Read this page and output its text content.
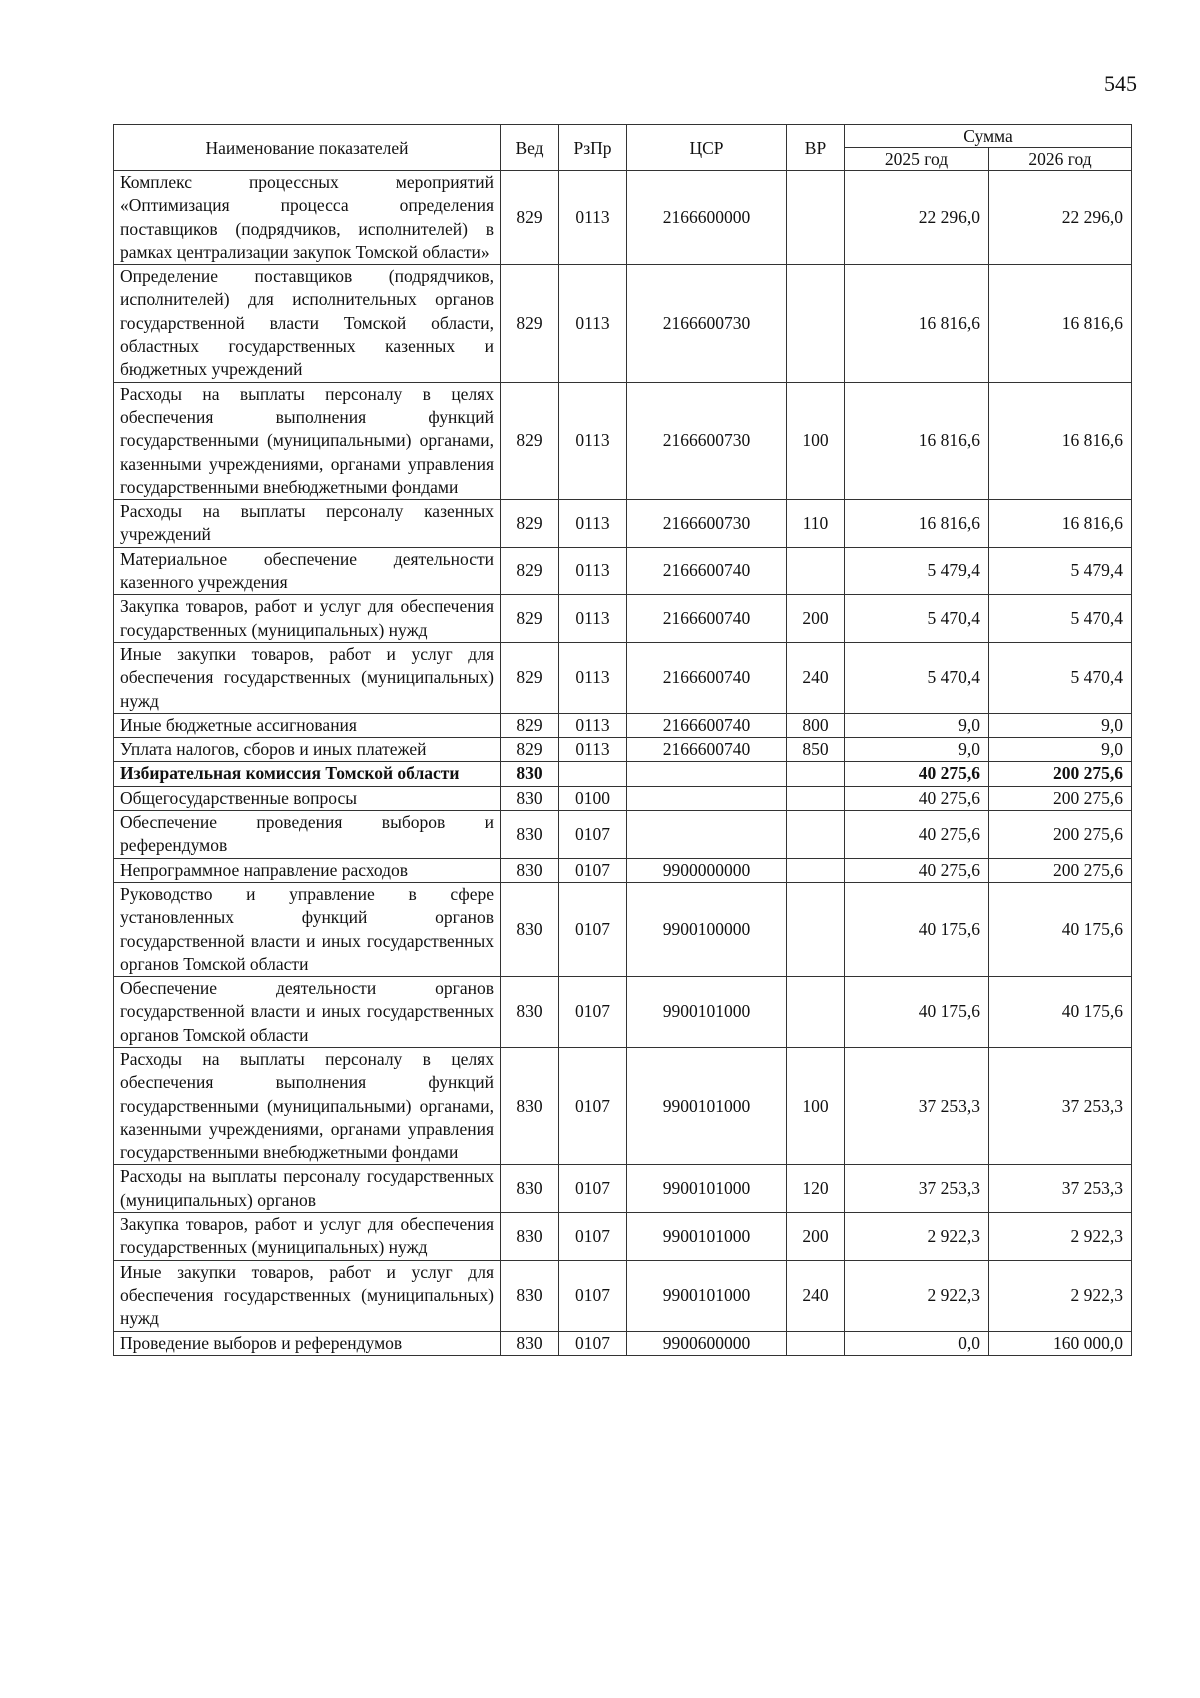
545
Наименование показателей	Вед	РзПр	ЦСР	ВР	Сумма	
					2025 год	2026 год
Комплекс процессных мероприятий «Оптимизация процесса определения поставщиков (подрядчиков, исполнителей) в рамках централизации закупок Томской области»	829	0113	2166600000		22 296,0	22 296,0
Определение поставщиков (подрядчиков, исполнителей) для исполнительных органов государственной власти Томской области, областных государственных казенных и бюджетных учреждений	829	0113	2166600730		16 816,6	16 816,6
Расходы на выплаты персоналу в целях обеспечения выполнения функций государственными (муниципальными) органами, казенными учреждениями, органами управления государственными внебюджетными фондами	829	0113	2166600730	100	16 816,6	16 816,6
Расходы на выплаты персоналу казенных учреждений	829	0113	2166600730	110	16 816,6	16 816,6
Материальное обеспечение деятельности казенного учреждения	829	0113	2166600740		5 479,4	5 479,4
Закупка товаров, работ и услуг для обеспечения государственных (муниципальных) нужд	829	0113	2166600740	200	5 470,4	5 470,4
Иные закупки товаров, работ и услуг для обеспечения государственных (муниципальных) нужд	829	0113	2166600740	240	5 470,4	5 470,4
Иные бюджетные ассигнования	829	0113	2166600740	800	9,0	9,0
Уплата налогов, сборов и иных платежей	829	0113	2166600740	850	9,0	9,0
Избирательная комиссия Томской области	830				40 275,6	200 275,6
Общегосударственные вопросы	830	0100			40 275,6	200 275,6
Обеспечение проведения выборов и референдумов	830	0107			40 275,6	200 275,6
Непрограммное направление расходов	830	0107	9900000000		40 275,6	200 275,6
Руководство и управление в сфере установленных функций органов государственной власти и иных государственных органов Томской области	830	0107	9900100000		40 175,6	40 175,6
Обеспечение деятельности органов государственной власти и иных государственных органов Томской области	830	0107	9900101000		40 175,6	40 175,6
Расходы на выплаты персоналу в целях обеспечения выполнения функций государственными (муниципальными) органами, казенными учреждениями, органами управления государственными внебюджетными фондами	830	0107	9900101000	100	37 253,3	37 253,3
Расходы на выплаты персоналу государственных (муниципальных) органов	830	0107	9900101000	120	37 253,3	37 253,3
Закупка товаров, работ и услуг для обеспечения государственных (муниципальных) нужд	830	0107	9900101000	200	2 922,3	2 922,3
Иные закупки товаров, работ и услуг для обеспечения государственных (муниципальных) нужд	830	0107	9900101000	240	2 922,3	2 922,3
Проведение выборов и референдумов	830	0107	9900600000		0,0	160 000,0
